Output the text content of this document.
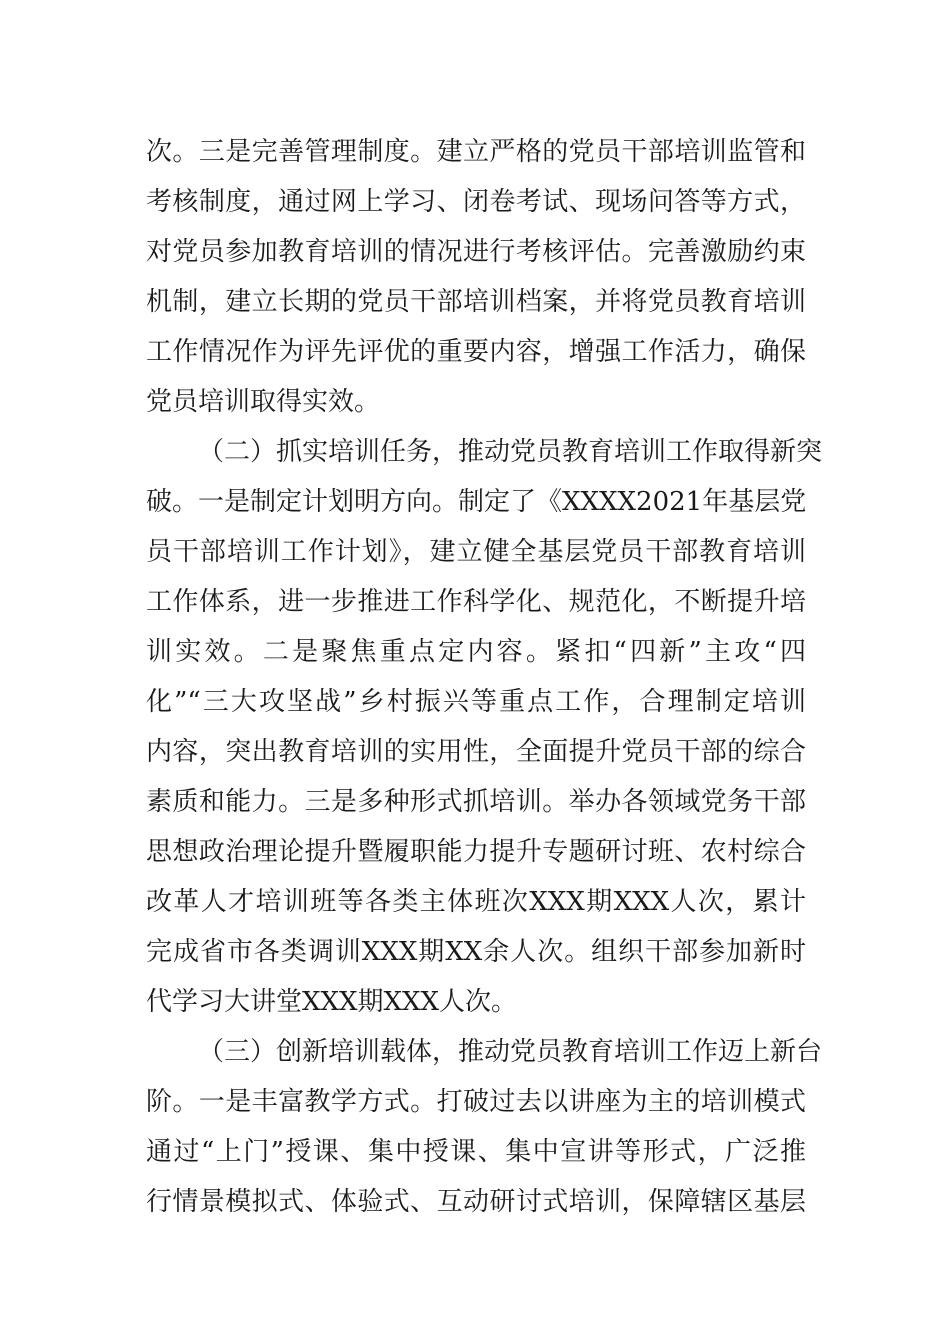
次。三是完善管理制度。建立严格的党员干部培训监管和
考核制度，通过网上学习、闭卷考试、现场问答等方式，
对党员参加教育培训的情况进行考核评估。完善激励约束
机制，建立长期的党员干部培训档案，并将党员教育培训
工作情况作为评先评优的重要内容，增强工作活力，确保
党员培训取得实效。
（二）抓实培训任务，推动党员教育培训工作取得新突
破。一是制定计划明方向。制定了《XXXX2021年基层党
员干部培训工作计划》，建立健全基层党员干部教育培训
工作体系，进一步推进工作科学化、规范化，不断提升培
训实效。二是聚焦重点定内容。紧扣“四新”主攻“四
化”“三大攻坚战”乡村振兴等重点工作，合理制定培训
内容，突出教育培训的实用性，全面提升党员干部的综合
素质和能力。三是多种形式抓培训。举办各领域党务干部
思想政治理论提升暨履职能力提升专题研讨班、农村综合
改革人才培训班等各类主体班次XXX期XXX人次，累计
完成省市各类调训XXX期XX余人次。组织干部参加新时
代学习大讲堂XXX期XXX人次。
（三）创新培训载体，推动党员教育培训工作迈上新台
阶。一是丰富教学方式。打破过去以讲座为主的培训模式
通过“上门”授课、集中授课、集中宣讲等形式，广泛推
行情景模拟式、体验式、互动研讨式培训，保障辖区基层
